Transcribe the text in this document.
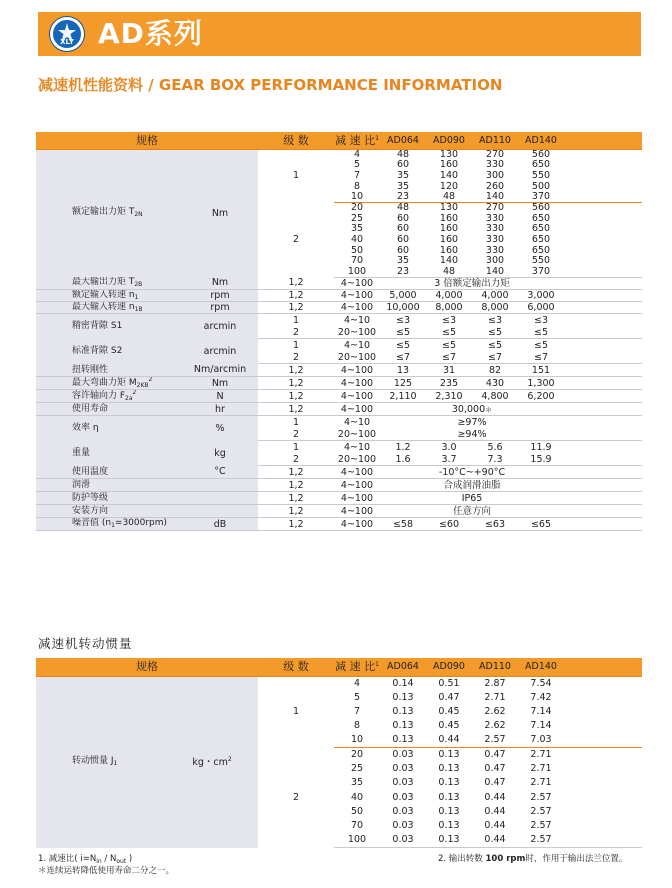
XLY AD系列
减速机性能资料 / GEAR BOX PERFORMANCE INFORMATION
规格		级 数	减 速 比$^1$	AD064	AD090	AD110	AD140	
额定输出力矩 $T_{2N}$	Nm	1	4	48	130	270	560	
			5	60	160	330	650	
			7	35	140	300	550	
			8	35	120	260	500	
			10	23	48	140	370	
		2	20	48	130	270	560	
			25	60	160	330	650	
			35	60	160	330	650	
			40	60	160	330	650	
			50	60	160	330	650	
			70	35	140	300	550	
			100	23	48	140	370	
最大输出力矩 $T_{2B}$	Nm	1,2	4~100	3 倍额定输出力矩				
额定输入转速 $n_1$	rpm	1,2	4~100	5,000	4,000	4,000	3,000	
最大输入转速 $n_{1B}$	rpm	1,2	4~100	10,000	8,000	8,000	6,000	
精密背隙 S1	arcmin	1	4~10	≤3	≤3	≤3	≤3	
		2	20~100	≤5	≤5	≤5	≤5	
标准背隙 S2	arcmin	1	4~10	≤5	≤5	≤5	≤5	
		2	20~100	≤7	≤7	≤7	≤7	
扭转刚性	Nm/arcmin	1,2	4~100	13	31	82	151	
最大弯曲力矩 $M_{2KB}^2$	Nm	1,2	4~100	125	235	430	1,300	
容许轴向力 $F_{2a}^2$	N	1,2	4~100	2,110	2,310	4,800	6,200	
使用寿命	hr	1,2	4~100	30,000＊				
效率 η	%	1	4~10	≥97%				
		2	20~100	≥94%				
重量	kg	1	4~10	1.2	3.0	5.6	11.9	
		2	20~100	1.6	3.7	7.3	15.9	
使用温度	°C	1,2	4~100	-10°C~+90°C				
润滑		1,2	4~100	合成润滑油脂				
防护等级		1,2	4~100	IP65				
安装方向		1,2	4~100	任意方向				
噪音值 $(n_1=3000rpm)$	dB	1,2	4~100	≤58	≤60	≤63	≤65	
减速机转动惯量
规格		级 数	减 速 比$^1$	AD064	AD090	AD110	AD140	
转动惯量 $J_1$	kg・$cm^2$	1	4	0.14	0.51	2.87	7.54	
			5	0.13	0.47	2.71	7.42	
			7	0.13	0.45	2.62	7.14	
			8	0.13	0.45	2.62	7.14	
			10	0.13	0.44	2.57	7.03	
		2	20	0.03	0.13	0.47	2.71	
			25	0.03	0.13	0.47	2.71	
			35	0.03	0.13	0.47	2.71	
			40	0.03	0.13	0.44	2.57	
			50	0.03	0.13	0.44	2.57	
			70	0.03	0.13	0.44	2.57	
			100	0.03	0.13	0.44	2.57	
1. 减速比( $i=N_{in} / N_{out}$ )
＊连续运转降低使用寿命二分之一。
2. 输出转数 100 rpm时，作用于输出法兰位置。
